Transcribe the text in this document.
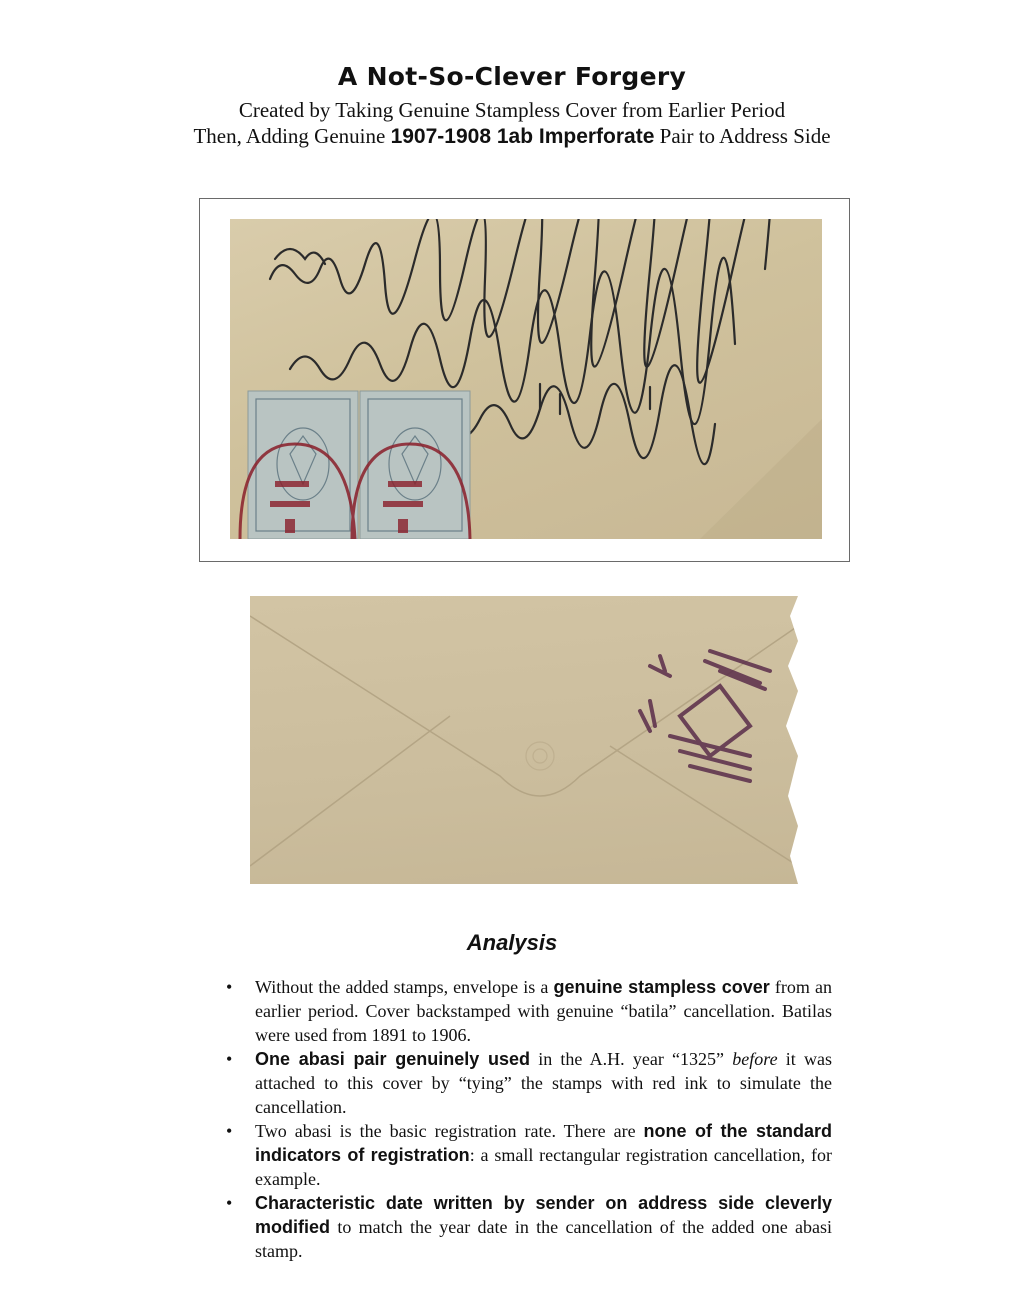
A Not-So-Clever Forgery
Created by Taking Genuine Stampless Cover from Earlier Period
Then, Adding Genuine 1907-1908 1ab Imperforate Pair to Address Side
Analysis
• Without the added stamps, envelope is a genuine stampless cover from an earlier period. Cover backstamped with genuine “batila” cancellation. Batilas were used from 1891 to 1906.
• One abasi pair genuinely used in the A.H. year “1325” before it was attached to this cover by “tying” the stamps with red ink to simulate the cancellation.
• Two abasi is the basic registration rate. There are none of the standard indicators of registration: a small rectangular registration cancellation, for example.
• Characteristic date written by sender on address side cleverly modified to match the year date in the cancellation of the added one abasi stamp.
